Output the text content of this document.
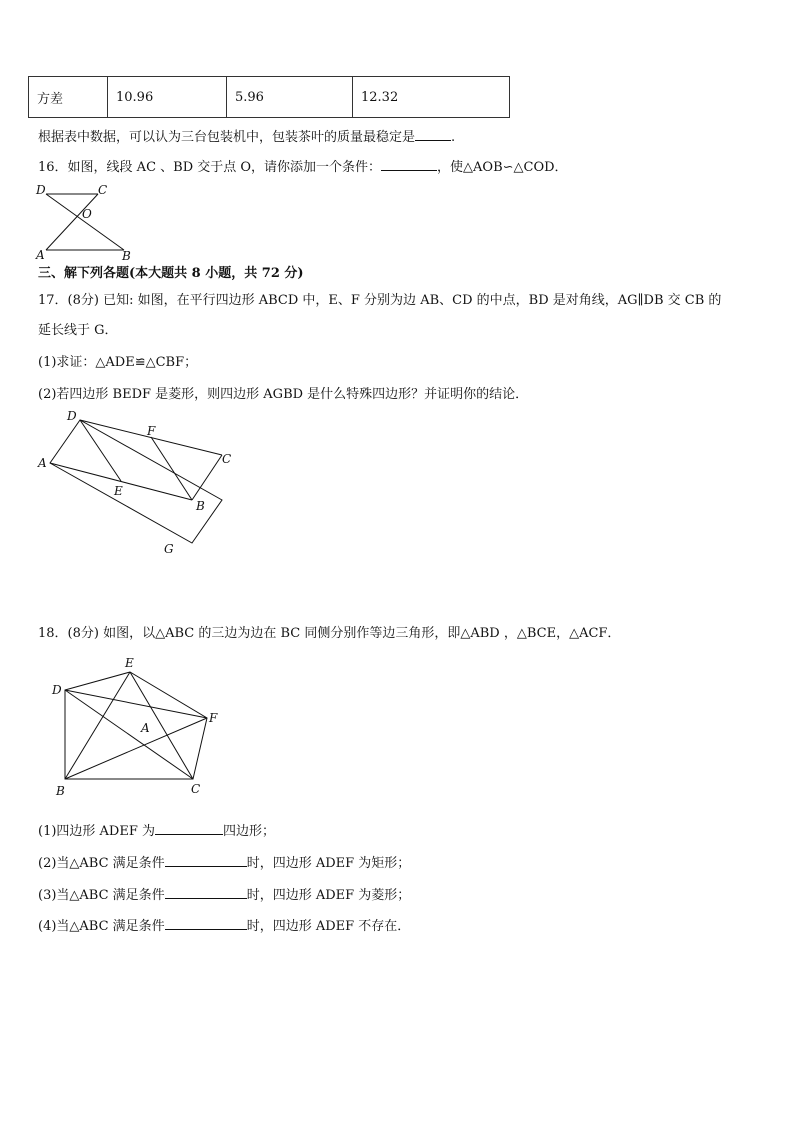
方差	10.96	5.96	12.32
根据表中数据，可以认为三台包装机中，包装茶叶的质量最稳定是	.
16．如图，线段 AC 、BD 交于点 O，请你添加一个条件：	，使△AOB∽△COD．
D	C
O
A	B
三、解下列各题(本大题共 8 小题，共 72 分)
17．(8分) 已知: 如图，在平行四边形 ABCD 中，E、F 分别为边 AB、CD 的中点，BD 是对角线，AG∥DB 交 CB 的
延长线于 G．
(1)求证：△ADE≌△CBF；
(2)若四边形 BEDF 是菱形，则四边形 AGBD 是什么特殊四边形？并证明你的结论．
D
F
C
A
E
B
G
18．(8分) 如图，以△ABC 的三边为边在 BC 同侧分别作等边三角形，即△ABD ，△BCE，△ACF．
E
D
F
A
B	C
(1)四边形 ADEF 为	四边形；
(2)当△ABC 满足条件	时，四边形 ADEF 为矩形；
(3)当△ABC 满足条件	时，四边形 ADEF 为菱形；
(4)当△ABC 满足条件	时，四边形 ADEF 不存在．
